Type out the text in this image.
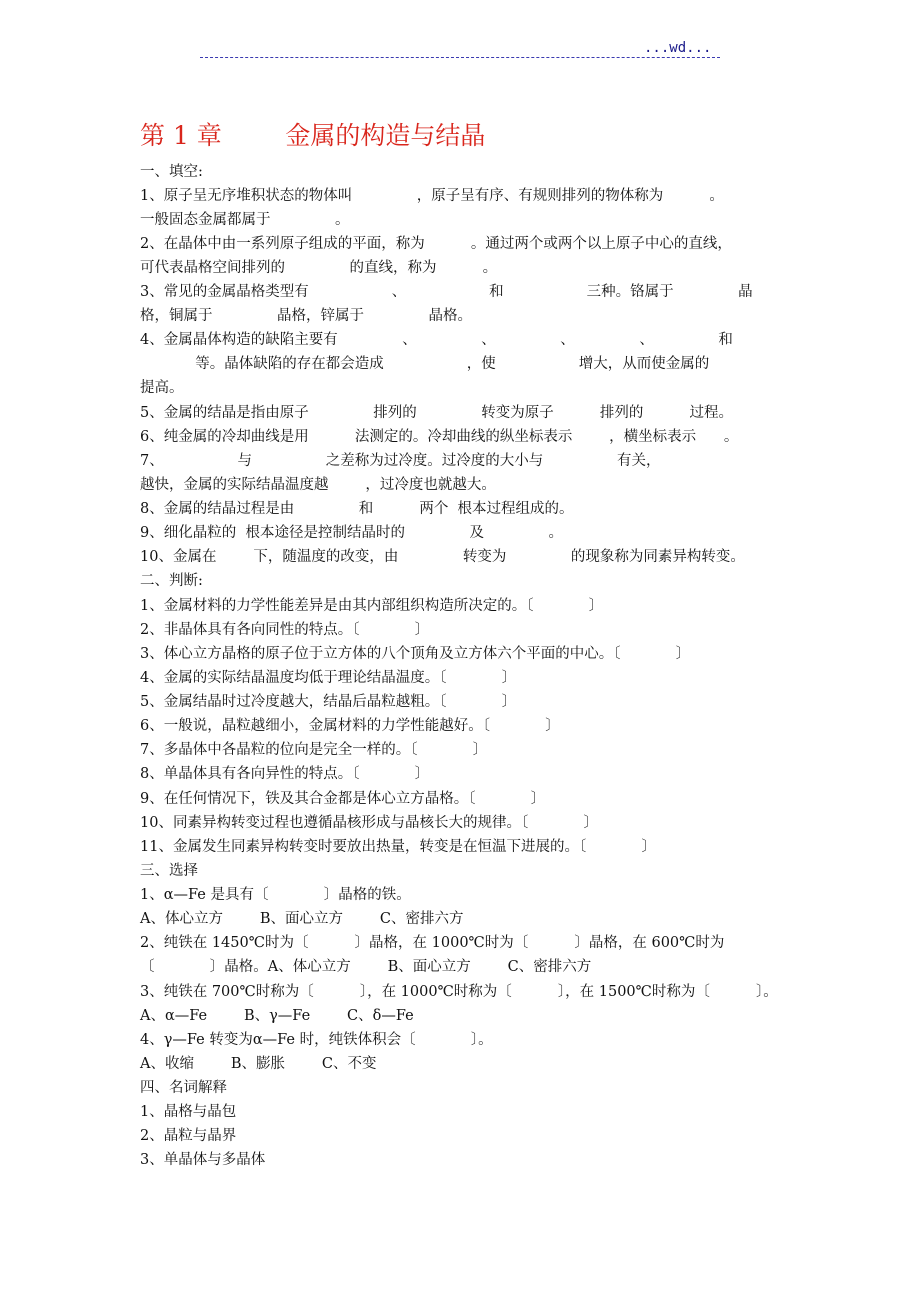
...wd...
第 1 章        金属的构造与结晶
一、填空:
1、原子呈无序堆积状态的物体叫              ，原子呈有序、有规则排列的物体称为          。
一般固态金属都属于              。
2、在晶体中由一系列原子组成的平面，称为          。通过两个或两个以上原子中心的直线，
可代表晶格空间排列的              的直线，称为          。
3、常见的金属晶格类型有                  、                  和                  三种。铬属于              晶
格，铜属于              晶格，锌属于              晶格。
4、金属晶体构造的缺陷主要有              、              、              、              、              和
等。晶体缺陷的存在都会造成                  ，使                  增大，从而使金属的
提高。
5、金属的结晶是指由原子              排列的              转变为原子          排列的          过程。
6、纯金属的冷却曲线是用          法测定的。冷却曲线的纵坐标表示        ，横坐标表示      。
7、                与                之差称为过冷度。过冷度的大小与                有关，
越快，金属的实际结晶温度越        ，过冷度也就越大。
8、金属的结晶过程是由              和          两个  根本过程组成的。
9、细化晶粒的  根本途径是控制结晶时的              及              。
10、金属在        下，随温度的改变，由              转变为              的现象称为同素异构转变。
二、判断:
1、金属材料的力学性能差异是由其内部组织构造所决定的。〔            〕
2、非晶体具有各向同性的特点。〔            〕
3、体心立方晶格的原子位于立方体的八个顶角及立方体六个平面的中心。〔            〕
4、金属的实际结晶温度均低于理论结晶温度。〔            〕
5、金属结晶时过冷度越大，结晶后晶粒越粗。〔            〕
6、一般说，晶粒越细小，金属材料的力学性能越好。〔            〕
7、多晶体中各晶粒的位向是完全一样的。〔            〕
8、单晶体具有各向异性的特点。〔            〕
9、在任何情况下，铁及其合金都是体心立方晶格。〔            〕
10、同素异构转变过程也遵循晶核形成与晶核长大的规律。〔            〕
11、金属发生同素异构转变时要放出热量，转变是在恒温下进展的。〔            〕
三、选择
1、α—Fe 是具有〔            〕晶格的铁。
A、体心立方        B、面心立方        C、密排六方
2、纯铁在 1450℃时为〔          〕晶格，在 1000℃时为〔          〕晶格，在 600℃时为
〔            〕晶格。A、体心立方        B、面心立方        C、密排六方
3、纯铁在 700℃时称为〔          〕，在 1000℃时称为〔          〕，在 1500℃时称为〔          〕。
A、α—Fe        B、γ—Fe        C、δ—Fe
4、γ—Fe 转变为α—Fe 时，纯铁体积会〔            〕。
A、收缩        B、膨胀        C、不变
四、名词解释
1、晶格与晶包
2、晶粒与晶界
3、单晶体与多晶体
